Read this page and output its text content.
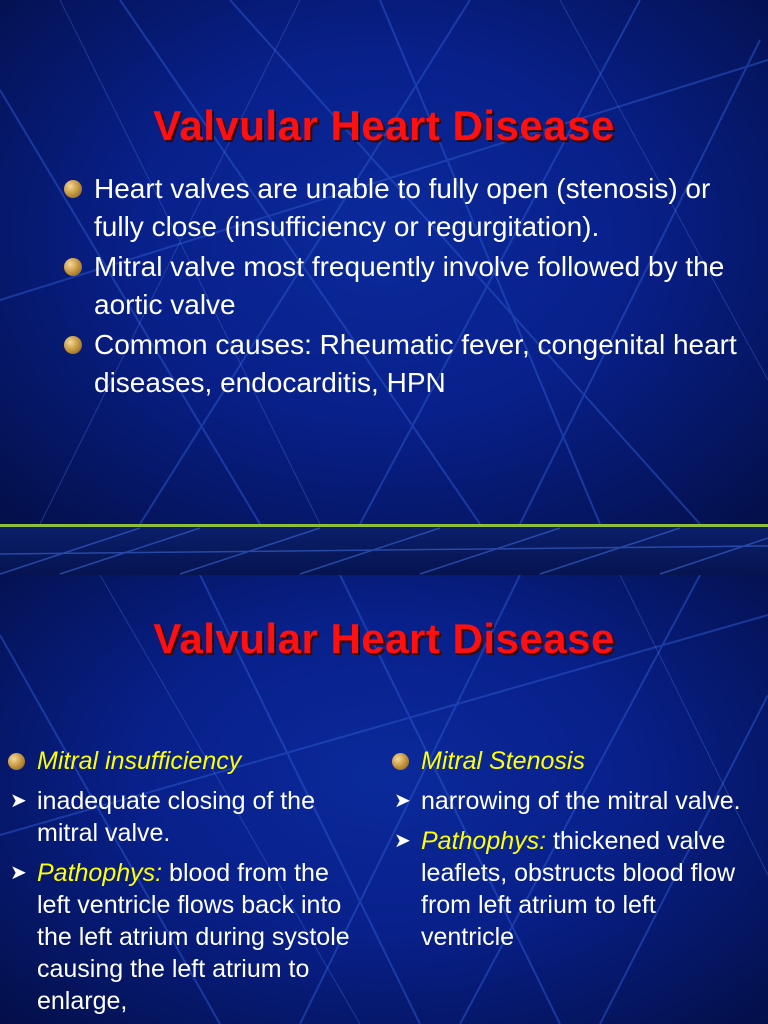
Valvular Heart Disease
Heart valves are unable to fully open (stenosis) or fully close (insufficiency or regurgitation).
Mitral valve most frequently involve followed by the aortic valve
Common causes: Rheumatic fever, congenital heart diseases, endocarditis, HPN
Valvular Heart Disease
Mitral insufficiency
➤ inadequate closing of the mitral valve.
➤ Pathophys: blood from the left ventricle flows back into the left atrium during systole causing the left atrium to enlarge,
Mitral Stenosis
➤ narrowing of the mitral valve.
➤ Pathophys: thickened valve leaflets, obstructs blood flow from left atrium to left ventricle
